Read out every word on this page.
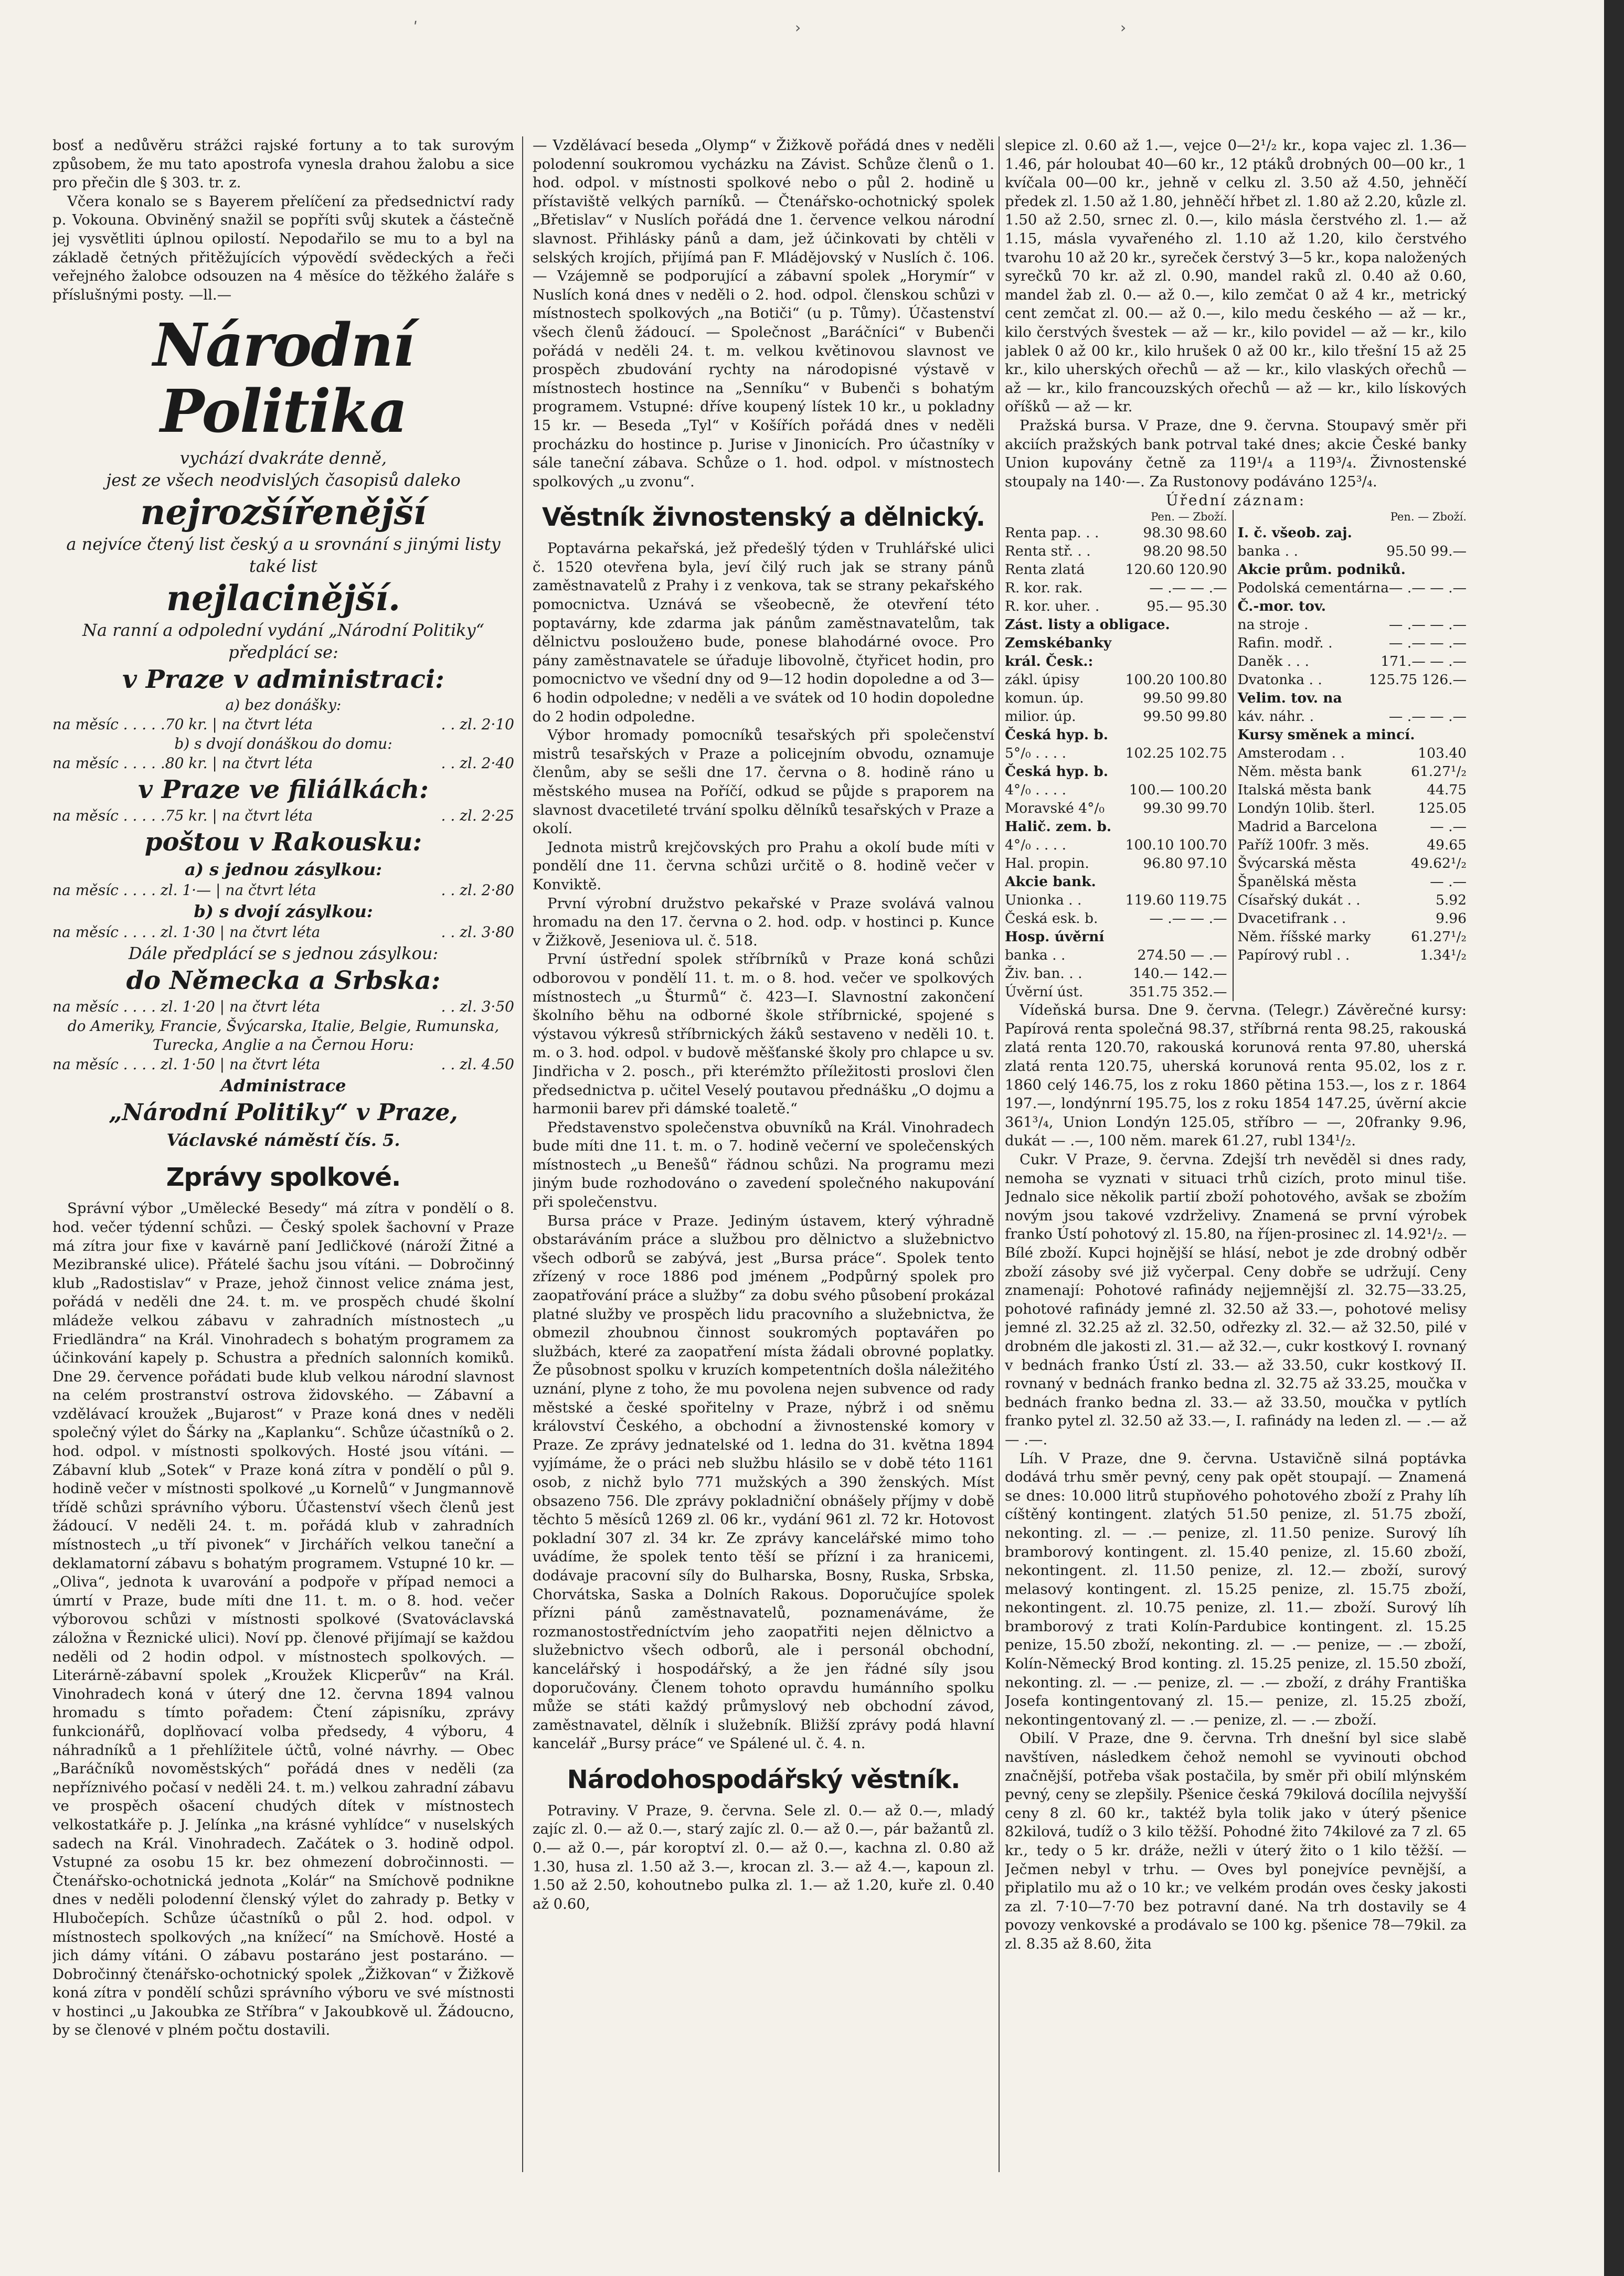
ʹ	›	›

bosť a nedůvěru strážci rajské fortuny a to tak surovým způsobem, že mu tato apostrofa vynesla drahou žalobu a sice pro přečin dle § 303. tr. z.

Včera konalo se s Bayerem přelíčení za předsednictví rady p. Vokouna. Obviněný snažil se popříti svůj skutek a částečně jej vysvětliti úplnou opilostí. Nepodařilo se mu to a byl na základě četných přitěžujících výpovědí svědeckých a řeči veřejného žalobce odsouzen na 4 měsíce do těžkého žaláře s příslušnými posty. —ll.—

Národní Politika
vychází dvakráte denně,
jest ze všech neodvislých časopisů daleko
nejrozšířenější
a nejvíce čtený list český a u srovnání s jinými listy také list
nejlacinější.
Na ranní a odpolední vydání „Národní Politiky“ předplácí se:
v Praze v administraci:
a) bez donášky:
na měsíc . . . . .70 kr. | na čtvrt léta	. . zl. 2·10
b) s dvojí donáškou do domu:
na měsíc . . . . .80 kr. | na čtvrt léta	. . zl. 2·40
v Praze ve filiálkách:
na měsíc . . . . .75 kr. | na čtvrt léta	. . zl. 2·25
poštou v Rakousku:
a) s jednou zásylkou:
na měsíc . . . . zl. 1·— | na čtvrt léta	. . zl. 2·80
b) s dvojí zásylkou:
na měsíc . . . . zl. 1·30 | na čtvrt léta	. . zl. 3·80
Dále předplácí se s jednou zásylkou:
do Německa a Srbska:
na měsíc . . . . zl. 1·20 | na čtvrt léta	. . zl. 3·50
do Ameriky, Francie, Švýcarska, Italie, Belgie, Rumunska, Turecka, Anglie a na Černou Horu:
na měsíc . . . . zl. 1·50 | na čtvrt léta	. . zl. 4.50
Administrace
„Národní Politiky“ v Praze,
Václavské náměstí čís. 5.
Zprávy spolkové.

Správní výbor „Umělecké Besedy“ má zítra v pondělí o 8. hod. večer týdenní schůzi. — Český spolek šachovní v Praze má zítra jour fixe v kavárně paní Jedličkové (nároží Žitné a Mezibranské ulice). Přátelé šachu jsou vítáni. — Dobročinný klub „Radostislav“ v Praze, jehož činnost velice známa jest, pořádá v neděli dne 24. t. m. ve prospěch chudé školní mládeže velkou zábavu v zahradních místnostech „u Friedländra“ na Král. Vinohradech s bohatým programem za účinkování kapely p. Schustra a předních salonních komiků. Dne 29. července pořádati bude klub velkou národní slavnost na celém prostranství ostrova židovského. — Zábavní a vzdělávací kroužek „Bujarost“ v Praze koná dnes v neděli společný výlet do Šárky na „Kaplanku“. Schůze účastníků o 2. hod. odpol. v místnosti spolkových. Hosté jsou vítáni. — Zábavní klub „Sotek“ v Praze koná zítra v pondělí o půl 9. hodině večer v místnosti spolkové „u Kornelů“ v Jungmannově třídě schůzi správního výboru. Účastenství všech členů jest žádoucí. V neděli 24. t. m. pořádá klub v zahradních místnostech „u tří pivonek“ v Jirchářích velkou taneční a deklamatorní zábavu s bohatým programem. Vstupné 10 kr. — „Oliva“, jednota k uvarování a podpoře v případ nemoci a úmrtí v Praze, bude míti dne 11. t. m. o 8. hod. večer výborovou schůzi v místnosti spolkové (Svatováclavská záložna v Řeznické ulici). Noví pp. členové přijímají se každou neděli od 2 hodin odpol. v místnostech spolkových. — Literárně-zábavní spolek „Kroužek Klicperův“ na Král. Vinohradech koná v úterý dne 12. června 1894 valnou hromadu s tímto pořadem: Čtení zápisníku, zprávy funkcionářů, doplňovací volba předsedy, 4 výboru, 4 náhradníků a 1 přehlížitele účtů, volné návrhy. — Obec „Baráčníků novoměstských“ pořádá dnes v neděli (za nepříznivého počasí v neděli 24. t. m.) velkou zahradní zábavu ve prospěch ošacení chudých dítek v místnostech velkostatkáře p. J. Jelínka „na krásné vyhlídce“ v nuselských sadech na Král. Vinohradech. Začátek o 3. hodině odpol. Vstupné za osobu 15 kr. bez ohmezení dobročinnosti. — Čtenářsko-ochotnická jednota „Kolár“ na Smíchově podniknе dnes v neděli polodenní členský výlet do zahrady p. Betky v Hlubočepích. Schůze účastníků o půl 2. hod. odpol. v místnostech spolkových „na knížecí“ na Smíchově. Hosté a jich dámy vítáni. O zábavu postaráno jest postaráno. — Dobročinný čtenářsko-ochotnický spolek „Žižkovan“ v Žižkově koná zítra v pondělí schůzi správního výboru ve své místnosti v hostinci „u Jakoubka ze Stříbra“ v Jakoubkově ul. Žádoucno, by se členové v plném počtu dostavili.

— Vzdělávací beseda „Olymp“ v Žižkově pořádá dnes v neděli polodenní soukromou vycházku na Závist. Schůze členů o 1. hod. odpol. v místnosti spolkové nebo o půl 2. hodině u přístaviště velkých parníků. — Čtenářsko-ochotnický spolek „Břetislav“ v Nuslích pořádá dne 1. července velkou národní slavnost. Přihlásky pánů a dam, jež účinkovati by chtěli v selských krojích, přijímá pan F. Mládějovský v Nuslích č. 106. — Vzájemně se podporující a zábavní spolek „Horymír“ v Nuslích koná dnes v neděli o 2. hod. odpol. členskou schůzi v místnostech spolkových „na Botiči“ (u p. Tůmy). Účastenství všech členů žádoucí. — Společnost „Baráčníci“ v Bubenči pořádá v neděli 24. t. m. velkou květinovou slavnost ve prospěch zbudování rychty na národopisné výstavě v místnostech hostince na „Senníku“ v Bubenči s bohatým programem. Vstupné: dříve koupený lístek 10 kr., u pokladny 15 kr. — Beseda „Tyl“ v Košířích pořádá dnes v neděli procházku do hostince p. Jurise v Jinonicích. Pro účastníky v sále taneční zábava. Schůze o 1. hod. odpol. v místnostech spolkových „u zvonu“.

Věstník živnostenský a dělnický.

Poptavárna pekařská, jež předešlý týden v Truhlářské ulici č. 1520 otevřena byla, jeví čilý ruch jak se strany pánů zaměstnavatelů z Prahy i z venkova, tak se strany pekařského pomocnictva. Uznává se všeobecně, že otevření této poptavárny, kde zdarma jak pánům zaměstnavatelům, tak dělnictvu posloužено bude, ponese blahodárné ovoce. Pro pány zaměstnavatele se úřaduje libovolně, čtyřicet hodin, pro pomocnictvo ve všední dny od 9—12 hodin dopoledne a od 3—6 hodin odpoledne; v neděli a ve svátek od 10 hodin dopoledne do 2 hodin odpoledne.

Výbor hromady pomocníků tesařských při společenství mistrů tesařských v Praze a policejním obvodu, oznamuje členům, aby se sešli dne 17. června o 8. hodině ráno u městského musea na Poříčí, odkud se půjde s praporem na slavnost dvacetileté trvání spolku dělníků tesařských v Praze a okolí.

Jednota mistrů krejčovských pro Prahu a okolí bude míti v pondělí dne 11. června schůzi určitě o 8. hodině večer v Konviktě.

První výrobní družstvo pekařské v Praze svolává valnou hromadu na den 17. června o 2. hod. odp. v hostinci p. Kunce v Žižkově, Jeseniova ul. č. 518.

První ústřední spolek stříbrníků v Praze koná schůzi odborovou v pondělí 11. t. m. o 8. hod. večer ve spolkových místnostech „u Šturmů“ č. 423—I. Slavnostní zakončení školního běhu na odborné škole stříbrnické, spojené s výstavou výkresů stříbrnických žáků sestaveno v neděli 10. t. m. o 3. hod. odpol. v budově měšťanské školy pro chlapce u sv. Jindřicha v 2. posch., při kterémžto příležitosti proslovi člen předsednictva p. učitel Veselý poutavou přednášku „O dojmu a harmonii barev při dámské toaletě.“

Představenstvo společenstva obuvníků na Král. Vinohradech bude míti dne 11. t. m. o 7. hodině večerní ve společenských místnostech „u Benešů“ řádnou schůzi. Na programu mezi jiným bude rozhodováno o zavedení společného nakupování při společenstvu.

Bursa práce v Praze. Jediným ústavem, který výhradně obstaráváním práce a službou pro dělnictvo a služebnictvo všech odborů se zabývá, jest „Bursa práce“. Spolek tento zřízený v roce 1886 pod jménem „Podpůrný spolek pro zaopatřování práce a služby“ za dobu svého působení prokázal platné služby ve prospěch lidu pracovního a služebnictva, že obmezil zhoubnou činnost soukromých poptavářen po službách, které za zaopatření místa žádali obrovné poplatky. Že působnost spolku v kruzích kompetentních došla náležitého uznání, plyne z toho, že mu povolena nejen subvence od rady městské a české spořitelny v Praze, nýbrž i od sněmu království Českého, a obchodní a živnostenské komory v Praze. Ze zprávy jednatelské od 1. ledna do 31. května 1894 vyjímáme, že o práci neb službu hlásilo se v době této 1161 osob, z nichž bylo 771 mužských a 390 ženských. Míst obsazeno 756. Dle zprávy pokladniční obnášely příjmy v době těchto 5 měsíců 1269 zl. 06 kr., vydání 961 zl. 72 kr. Hotovost pokladní 307 zl. 34 kr. Ze zprávy kancelářské mimo toho uvádíme, že spolek tento těší se přízní i za hranicemi, dodávaje pracovní síly do Bulharska, Bosny, Ruska, Srbska, Chorvátska, Saska a Dolních Rakous. Doporučujíce spolek přízni pánů zaměstnavatelů, poznamenáváme, že rozmanostostředníctvím jeho zaopatřiti nejen dělnictvo a služebnictvo všech odborů, ale i personál obchodní, kancelářský i hospodářský, a že jen řádné síly jsou doporučovány. Členem tohoto opravdu humánního spolku může se státi každý průmyslový neb obchodní závod, zaměstnavatel, dělník i služebník. Bližší zprávy podá hlavní kancelář „Bursy práce“ ve Spálené ul. č. 4. n.

Národohospodářský věstník.

Potraviny. V Praze, 9. června. Sele zl. 0.— až 0.—, mladý zajíc zl. 0.— až 0.—, starý zajíc zl. 0.— až 0.—, pár bažantů zl. 0.— až 0.—, pár koroptví zl. 0.— až 0.—, kachna zl. 0.80 až 1.30, husa zl. 1.50 až 3.—, krocan zl. 3.— až 4.—, kapoun zl. 1.50 až 2.50, kohoutnebo pulka zl. 1.— až 1.20, kuře zl. 0.40 až 0.60,

slepice zl. 0.60 až 1.—, vejce 0—2¹/₂ kr., kopa vajec zl. 1.36—1.46, pár holoubat 40—60 kr., 12 ptáků drobných 00—00 kr., 1 kvíčala 00—00 kr., jehně v celku zl. 3.50 až 4.50, jehněčí předek zl. 1.50 až 1.80, jehněčí hřbet zl. 1.80 až 2.20, kůzle zl. 1.50 až 2.50, srnec zl. 0.—, kilo másla čerstvého zl. 1.— až 1.15, másla vyvařeného zl. 1.10 až 1.20, kilo čerstvého tvarohu 10 až 20 kr., syreček čerstvý 3—5 kr., kopa naložených syrečků 70 kr. až zl. 0.90, mandel raků zl. 0.40 až 0.60, mandel žab zl. 0.— až 0.—, kilo zemčat 0 až 4 kr., metrický cent zemčat zl. 00.— až 0.—, kilo medu českého — až — kr., kilo čerstvých švestek — až — kr., kilo povidel — až — kr., kilo jablek 0 až 00 kr., kilo hrušek 0 až 00 kr., kilo třešní 15 až 25 kr., kilo uherských ořechů — až — kr., kilo vlaských ořechů — až — kr., kilo francouzských ořechů — až — kr., kilo lískových oříšků — až — kr.

Pražská bursa. V Praze, dne 9. června. Stoupavý směr při akciích pražských bank potrval také dnes; akcie České banky Union kupovány četně za 119¹/₄ a 119³/₄. Živnostenské stoupaly na 140·—. Za Rustonovy podáváno 125³/₄.

Úřední záznam:
Pen. — Zboží.
Renta pap. . .	98.30 98.60
Renta stř. . .	98.20 98.50
Renta zlatá	120.60 120.90
R. kor. rak.	— .— — .—
R. kor. uher. .	95.— 95.30
Zást. listy a obligace.
Zemskébanky
král. Česk.:
zákl. úpisy	100.20 100.80
komun. úp.	99.50 99.80
milior. úp.	99.50 99.80
Česká hyp. b.
5°/₀ . . . .	102.25 102.75
Česká hyp. b.
4°/₀ . . . .	100.— 100.20
Moravské 4°/₀	99.30 99.70
Halič. zem. b.
4°/₀ . . . .	100.10 100.70
Hal. propin.	96.80 97.10
Akcie bank.
Unionka . .	119.60 119.75
Česká esk. b.	— .— — .—
Hosp. úvěrní
banka . .	274.50 — .—
Živ. ban. . .	140.— 142.—
Úvěrní úst.	351.75 352.—
Pen. — Zboží.
I. č. všeob. zaj.
banka . .	95.50 99.—
Akcie prům. podniků.
Podolská cementárna — .— — .—
Č.-mor. tov.
na stroje .	— .— — .—
Rafin. modř. .	— .— — .—
Daněk . . .	171.— — .—
Dvatonka . .	125.75 126.—
Velim. tov. na
káv. náhr. .	— .— — .—
Kursy směnek a mincí.
Amsterodam . .	103.40
Něm. města bank	61.27¹/₂
Italská města bank	44.75
Londýn 10lib. šterl.	125.05
Madrid a Barcelona	— .—
Paříž 100fr. 3 měs.	49.65
Švýcarská města	49.62¹/₂
Španělská města	— .—
Císařský dukát . .	5.92
Dvacetifrank . .	9.96
Něm. říšské marky	61.27¹/₂
Papírový rubl . .	1.34¹/₂

Vídeňská bursa. Dne 9. června. (Telegr.) Závěrečné kursy: Papírová renta společná 98.37, stříbrná renta 98.25, rakouská zlatá renta 120.70, rakouská korunová renta 97.80, uherská zlatá renta 120.75, uherská korunová renta 95.02, los z r. 1860 celý 146.75, los z roku 1860 pětina 153.—, los z r. 1864 197.—, londýnrní 195.75, los z roku 1854 147.25, úvěrní akcie 361³/₄, Union Londýn 125.05, stříbro — —, 20franky 9.96, dukát — .—, 100 něm. marek 61.27, rubl 134¹/₂.

Cukr. V Praze, 9. června. Zdejší trh nevěděl si dnes rady, nemoha se vyznati v situaci trhů cizích, proto minul tiše. Jednalo sice několik partií zboží pohotového, avšak se zbožím novým jsou takové vzdrželivy. Znamená se první výrobek franko Ústí pohotový zl. 15.80, na říjen-prosinec zl. 14.92¹/₂. — Bílé zboží. Kupci hojnější se hlásí, nebot je zde drobný odběr zboží zásoby své již vyčerpal. Ceny dobře se udržují. Ceny znamenají: Pohotové rafinády nejjemnější zl. 32.75—33.25, pohotové rafinády jemné zl. 32.50 až 33.—, pohotové melisy jemné zl. 32.25 až zl. 32.50, odřezky zl. 32.— až 32.50, pilé v drobném dle jakosti zl. 31.— až 32.—, cukr kostkový I. rovnaný v bednách franko Ústí zl. 33.— až 33.50, cukr kostkový II. rovnaný v bednách franko bedna zl. 32.75 až 33.25, moučka v bednách franko bedna zl. 33.— až 33.50, moučka v pytlích franko pytel zl. 32.50 až 33.—, I. rafinády na leden zl. — .— až — .—.

Líh. V Praze, dne 9. června. Ustavičně silná poptávka dodává trhu směr pevný, ceny pak opět stoupají. — Znamená se dnes: 10.000 litrů stupňového pohotového zboží z Prahy líh cíštěný kontingent. zlatých 51.50 penize, zl. 51.75 zboží, nekonting. zl. — .— penize, zl. 11.50 penize. Surový líh bramborový kontingent. zl. 15.40 penize, zl. 15.60 zboží, nekontingent. zl. 11.50 penize, zl. 12.— zboží, surový melasový kontingent. zl. 15.25 penize, zl. 15.75 zboží, nekontingent. zl. 10.75 penize, zl. 11.— zboží. Surový líh bramborový z trati Kolín-Pardubice kontingent. zl. 15.25 penize, 15.50 zboží, nekonting. zl. — .— penize, — .— zboží, Kolín-Německý Brod konting. zl. 15.25 penize, zl. 15.50 zboží, nekonting. zl. — .— penize, zl. — .— zboží, z dráhy Františka Josefa kontingentovaný zl. 15.— penize, zl. 15.25 zboží, nekontingentovaný zl. — .— penize, zl. — .— zboží.

Obilí. V Praze, dne 9. června. Trh dnešní byl sice slabě navštíven, následkem čehož nemohl se vyvinouti obchod značnější, potřeba však postačila, by směr při obilí mlýnském pevný, ceny se zlepšily. Pšenice česká 79kilová docílila nejvyšší ceny 8 zl. 60 kr., taktéž byla tolik jako v úterý pšenice 82kilová, tudíž o 3 kilo těžší. Pohodné žito 74kilové za 7 zl. 65 kr., tedy o 5 kr. dráže, nežli v úterý žito o 1 kilo těžší. — Ječmen nebyl v trhu. — Oves byl ponejvíce pevnější, a připlatilo mu až o 10 kr.; ve velkém prodán oves česky jakosti za zl. 7·10—7·70 bez potravní dané. Na trh dostavily se 4 povozy venkovské a prodávalo se 100 kg. pšenice 78—79kil. za zl. 8.35 až 8.60, žita
